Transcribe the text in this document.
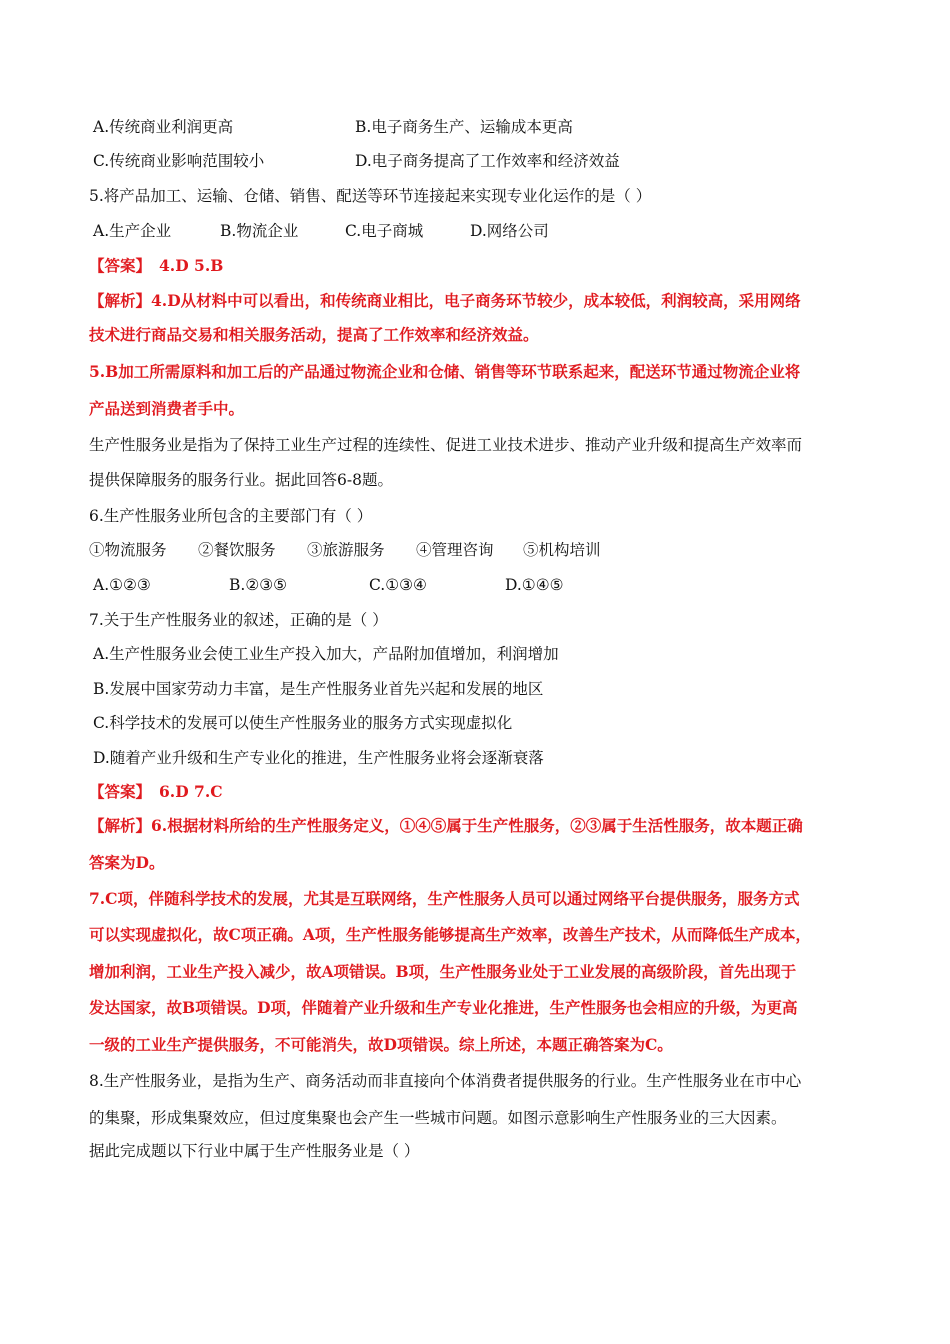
A.传统商业利润更高	B.电子商务生产、运输成本更高
C.传统商业影响范围较小	D.电子商务提高了工作效率和经济效益
5.将产品加工、运输、仓储、销售、配送等环节连接起来实现专业化运作的是（ ）
A.生产企业	B.物流企业	C.电子商城	D.网络公司
【答案】 4.D 5.B
【解析】4.D从材料中可以看出，和传统商业相比，电子商务环节较少，成本较低，利润较高，采用网络
技术进行商品交易和相关服务活动，提高了工作效率和经济效益。
5.B加工所需原料和加工后的产品通过物流企业和仓储、销售等环节联系起来，配送环节通过物流企业将
产品送到消费者手中。
生产性服务业是指为了保持工业生产过程的连续性、促进工业技术进步、推动产业升级和提高生产效率而
提供保障服务的服务行业。据此回答6-8题。
6.生产性服务业所包含的主要部门有（ ）
①物流服务 ②餐饮服务 ③旅游服务 ④管理咨询 ⑤机构培训
A.①②③	B.②③⑤	C.①③④	D.①④⑤
7.关于生产性服务业的叙述，正确的是（ ）
A.生产性服务业会使工业生产投入加大，产品附加值增加，利润增加
B.发展中国家劳动力丰富，是生产性服务业首先兴起和发展的地区
C.科学技术的发展可以使生产性服务业的服务方式实现虚拟化
D.随着产业升级和生产专业化的推进，生产性服务业将会逐渐衰落
【答案】 6.D 7.C
【解析】6.根据材料所给的生产性服务定义，①④⑤属于生产性服务，②③属于生活性服务，故本题正确
答案为D。
7.C项，伴随科学技术的发展，尤其是互联网络，生产性服务人员可以通过网络平台提供服务，服务方式
可以实现虚拟化，故C项正确。A项，生产性服务能够提高生产效率，改善生产技术，从而降低生产成本，
增加利润，工业生产投入减少，故A项错误。B项，生产性服务业处于工业发展的高级阶段，首先出现于
发达国家，故B项错误。D项，伴随着产业升级和生产专业化推进，生产性服务也会相应的升级，为更高
一级的工业生产提供服务，不可能消失，故D项错误。综上所述，本题正确答案为C。
8.生产性服务业，是指为生产、商务活动而非直接向个体消费者提供服务的行业。生产性服务业在市中心
的集聚，形成集聚效应，但过度集聚也会产生一些城市问题。如图示意影响生产性服务业的三大因素。
据此完成题以下行业中属于生产性服务业是（ ）
